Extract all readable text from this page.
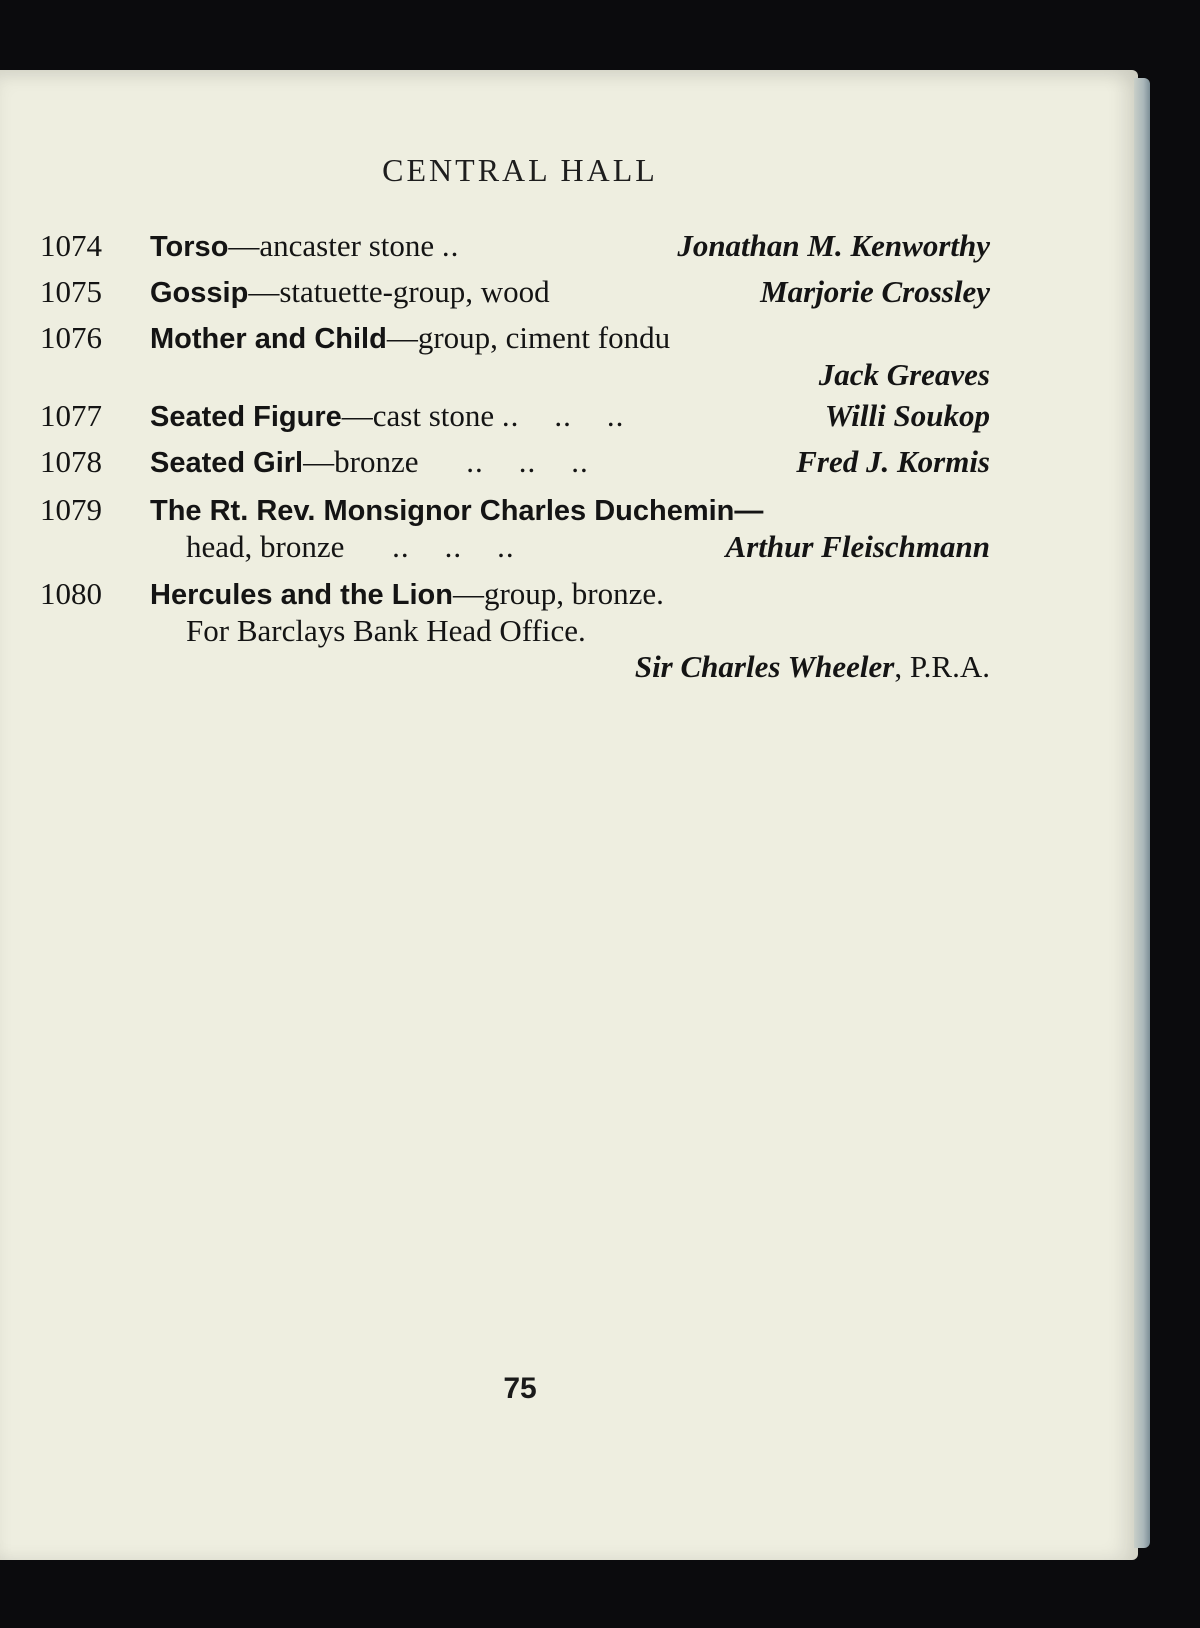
CENTRAL HALL
1074	Torso—ancaster stone ..	Jonathan M. Kenworthy
1075	Gossip—statuette-group, wood	Marjorie Crossley
1076	Mother and Child—group, ciment fondu
Jack Greaves
1077	Seated Figure—cast stone ..    ..    ..	Willi Soukop
1078	Seated Girl—bronze ..    ..    ..	Fred J. Kormis
1079	The Rt. Rev. Monsignor Charles Duchemin—
head, bronze ..    ..    ..	Arthur Fleischmann
1080	Hercules and the Lion—group, bronze.
For Barclays Bank Head Office.
Sir Charles Wheeler, P.R.A.
75
